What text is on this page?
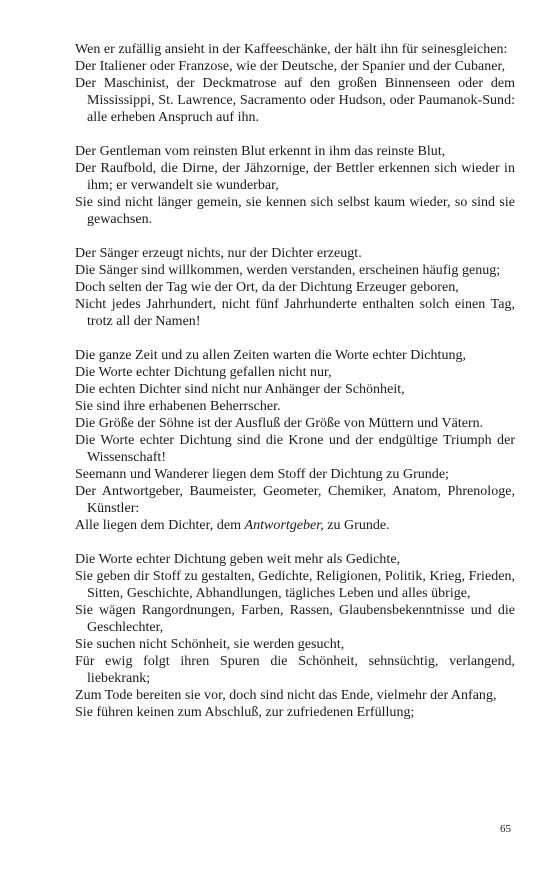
Wen er zufällig ansieht in der Kaffeeschänke, der hält ihn für seinesgleichen:
Der Italiener oder Franzose, wie der Deutsche, der Spanier und der Cubaner,
Der Maschinist, der Deckmatrose auf den großen Binnenseen oder dem Mississippi, St. Lawrence, Sacramento oder Hudson, oder Paumanok-Sund: alle erheben Anspruch auf ihn.
Der Gentleman vom reinsten Blut erkennt in ihm das reinste Blut,
Der Raufbold, die Dirne, der Jähzornige, der Bettler erkennen sich wieder in ihm; er verwandelt sie wunderbar,
Sie sind nicht länger gemein, sie kennen sich selbst kaum wieder, so sind sie gewachsen.
Der Sänger erzeugt nichts, nur der Dichter erzeugt.
Die Sänger sind willkommen, werden verstanden, erscheinen häufig genug;
Doch selten der Tag wie der Ort, da der Dichtung Erzeuger geboren,
Nicht jedes Jahrhundert, nicht fünf Jahrhunderte enthalten solch einen Tag, trotz all der Namen!
Die ganze Zeit und zu allen Zeiten warten die Worte echter Dichtung,
Die Worte echter Dichtung gefallen nicht nur,
Die echten Dichter sind nicht nur Anhänger der Schönheit,
Sie sind ihre erhabenen Beherrscher.
Die Größe der Söhne ist der Ausfluß der Größe von Müttern und Vätern.
Die Worte echter Dichtung sind die Krone und der endgültige Triumph der Wissenschaft!
Seemann und Wanderer liegen dem Stoff der Dichtung zu Grunde;
Der Antwortgeber, Baumeister, Geometer, Chemiker, Anatom, Phrenologe, Künstler:
Alle liegen dem Dichter, dem Antwortgeber, zu Grunde.
Die Worte echter Dichtung geben weit mehr als Gedichte,
Sie geben dir Stoff zu gestalten, Gedichte, Religionen, Politik, Krieg, Frieden, Sitten, Geschichte, Abhandlungen, tägliches Leben und alles übrige,
Sie wägen Rangordnungen, Farben, Rassen, Glaubensbekenntnisse und die Geschlechter,
Sie suchen nicht Schönheit, sie werden gesucht,
Für ewig folgt ihren Spuren die Schönheit, sehnsüchtig, verlangend, liebekrank;
Zum Tode bereiten sie vor, doch sind nicht das Ende, vielmehr der Anfang,
Sie führen keinen zum Abschluß, zur zufriedenen Erfüllung;
65
